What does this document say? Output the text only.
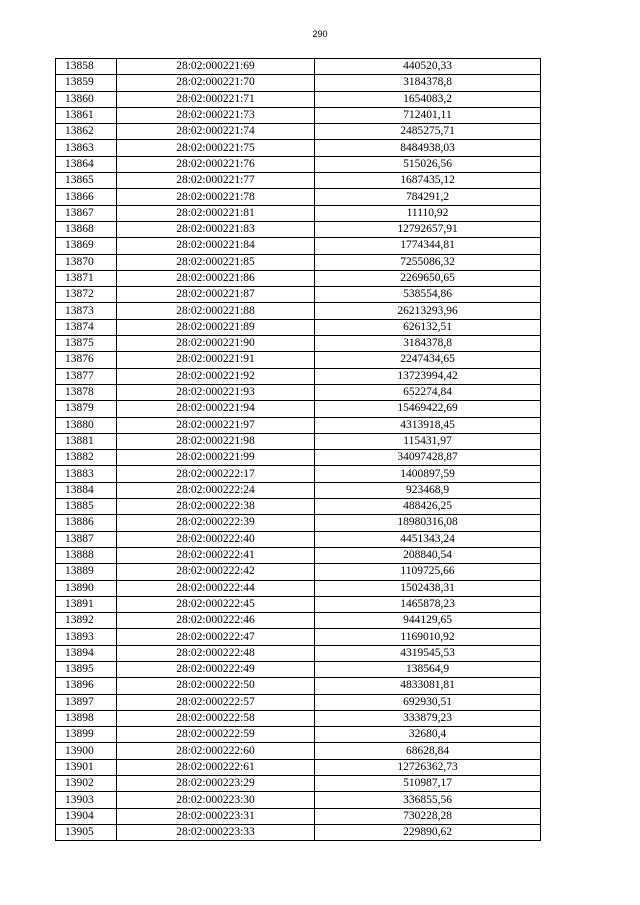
290
13858	28:02:000221:69	440520,33
13859	28:02:000221:70	3184378,8
13860	28:02:000221:71	1654083,2
13861	28:02:000221:73	712401,11
13862	28:02:000221:74	2485275,71
13863	28:02:000221:75	8484938,03
13864	28:02:000221:76	515026,56
13865	28:02:000221:77	1687435,12
13866	28:02:000221:78	784291,2
13867	28:02:000221:81	11110,92
13868	28:02:000221:83	12792657,91
13869	28:02:000221:84	1774344,81
13870	28:02:000221:85	7255086,32
13871	28:02:000221:86	2269650,65
13872	28:02:000221:87	538554,86
13873	28:02:000221:88	26213293,96
13874	28:02:000221:89	626132,51
13875	28:02:000221:90	3184378,8
13876	28:02:000221:91	2247434,65
13877	28:02:000221:92	13723994,42
13878	28:02:000221:93	652274,84
13879	28:02:000221:94	15469422,69
13880	28:02:000221:97	4313918,45
13881	28:02:000221:98	115431,97
13882	28:02:000221:99	34097428,87
13883	28:02:000222:17	1400897,59
13884	28:02:000222:24	923468,9
13885	28:02:000222:38	488426,25
13886	28:02:000222:39	18980316,08
13887	28:02:000222:40	4451343,24
13888	28:02:000222:41	208840,54
13889	28:02:000222:42	1109725,66
13890	28:02:000222:44	1502438,31
13891	28:02:000222:45	1465878,23
13892	28:02:000222:46	944129,65
13893	28:02:000222:47	1169010,92
13894	28:02:000222:48	4319545,53
13895	28:02:000222:49	138564,9
13896	28:02:000222:50	4833081,81
13897	28:02:000222:57	692930,51
13898	28:02:000222:58	333879,23
13899	28:02:000222:59	32680,4
13900	28:02:000222:60	68628,84
13901	28:02:000222:61	12726362,73
13902	28:02:000223:29	510987,17
13903	28:02:000223:30	336855,56
13904	28:02:000223:31	730228,28
13905	28:02:000223:33	229890,62
